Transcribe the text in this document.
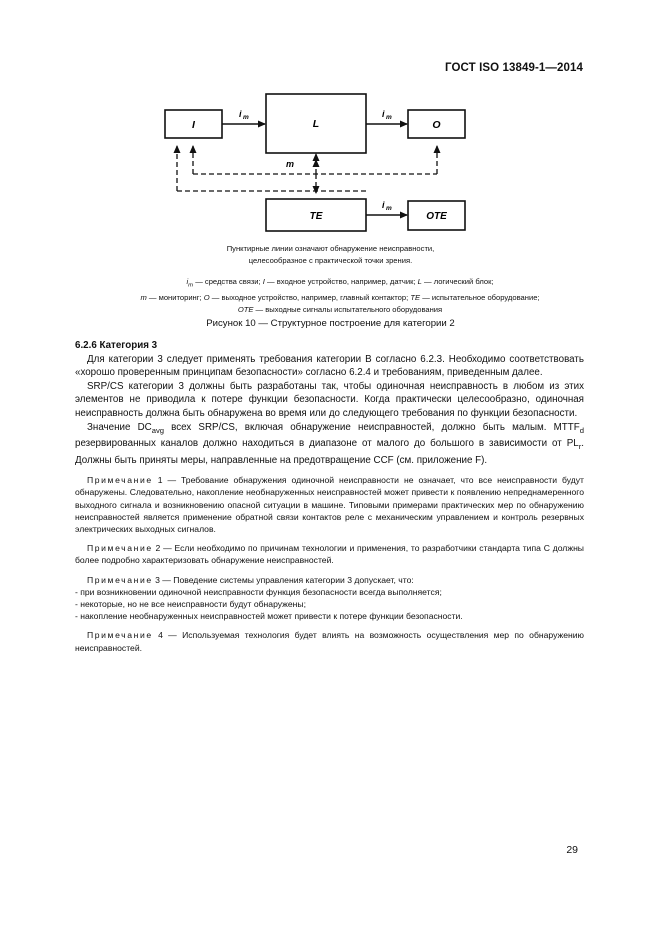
ГОСТ ISO 13849-1—2014
I	L	O
TE	OTE
i m	i m
i m
m
Пунктирные линии означают обнаружение неисправности,
целесообразное с практической точки зрения.
$i_m$ — средства связи; I — входное устройство, например, датчик; L — логический блок;
m — мониторинг; O — выходное устройство, например, главный контактор; TE — испытательное оборудование;
OTE — выходные сигналы испытательного оборудования
Рисунок 10 — Структурное построение для категории 2

6.2.6 Категория 3

Для категории 3 следует применять требования категории В согласно 6.2.3. Необходимо соответствовать «хорошо проверенным принципам безопасности» согласно 6.2.4 и требованиям, приведенным далее.

SRP/CS категории 3 должны быть разработаны так, чтобы одиночная неисправность в любом из этих элементов не приводила к потере функции безопасности. Когда практически целесообразно, одиночная неисправность должна быть обнаружена во время или до следующего требования по функции безопасности.

Значение $DC_{avg}$ всех SRP/CS, включая обнаружение неисправностей, должно быть малым. $MTTF_d$ резервированных каналов должно находиться в диапазоне от малого до большого в зависимости от $PL_r$. Должны быть приняты меры, направленные на предотвращение CCF (см. приложение F).

Примечание 1 — Требование обнаружения одиночной неисправности не означает, что все неисправности будут обнаружены. Следовательно, накопление необнаруженных неисправностей может привести к появлению непреднамеренного выходного сигнала и возникновению опасной ситуации в машине. Типовыми примерами практических мер по обнаружению неисправностей является применение обратной связи контактов реле с механическим управлением и контроль резервных электрических выходных сигналов.

Примечание 2 — Если необходимо по причинам технологии и применения, то разработчики стандарта типа С должны более подробно характеризовать обнаружение неисправностей.

Примечание 3 — Поведение системы управления категории 3 допускает, что:

- при возникновении одиночной неисправности функция безопасности всегда выполняется;

- некоторые, но не все неисправности будут обнаружены;

- накопление необнаруженных неисправностей может привести к потере функции безопасности.

Примечание 4 — Используемая технология будет влиять на возможность осуществления мер по обнаружению неисправностей.

29
